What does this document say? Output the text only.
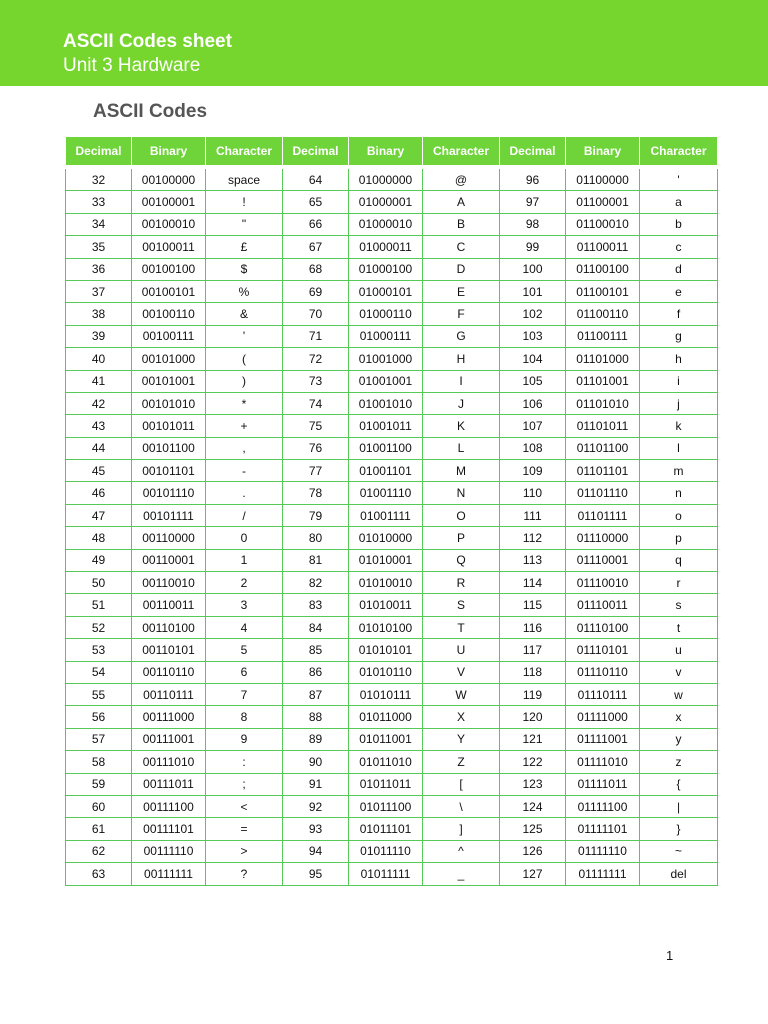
ASCII Codes sheet
Unit 3 Hardware
ASCII Codes
Decimal	Binary	Character	Decimal	Binary	Character	Decimal	Binary	Character
32	00100000	space	64	01000000	@	96	01100000	'
33	00100001	!	65	01000001	A	97	01100001	a
34	00100010	"	66	01000010	B	98	01100010	b
35	00100011	£	67	01000011	C	99	01100011	c
36	00100100	$	68	01000100	D	100	01100100	d
37	00100101	%	69	01000101	E	101	01100101	e
38	00100110	&	70	01000110	F	102	01100110	f
39	00100111	'	71	01000111	G	103	01100111	g
40	00101000	(	72	01001000	H	104	01101000	h
41	00101001	)	73	01001001	I	105	01101001	i
42	00101010	*	74	01001010	J	106	01101010	j
43	00101011	+	75	01001011	K	107	01101011	k
44	00101100	,	76	01001100	L	108	01101100	l
45	00101101	-	77	01001101	M	109	01101101	m
46	00101110	.	78	01001110	N	110	01101110	n
47	00101111	/	79	01001111	O	111	01101111	o
48	00110000	0	80	01010000	P	112	01110000	p
49	00110001	1	81	01010001	Q	113	01110001	q
50	00110010	2	82	01010010	R	114	01110010	r
51	00110011	3	83	01010011	S	115	01110011	s
52	00110100	4	84	01010100	T	116	01110100	t
53	00110101	5	85	01010101	U	117	01110101	u
54	00110110	6	86	01010110	V	118	01110110	v
55	00110111	7	87	01010111	W	119	01110111	w
56	00111000	8	88	01011000	X	120	01111000	x
57	00111001	9	89	01011001	Y	121	01111001	y
58	00111010	:	90	01011010	Z	122	01111010	z
59	00111011	;	91	01011011	[	123	01111011	{
60	00111100	<	92	01011100	\	124	01111100	|
61	00111101	=	93	01011101	]	125	01111101	}
62	00111110	>	94	01011110	^	126	01111110	~
63	00111111	?	95	01011111	_	127	01111111	del
1
